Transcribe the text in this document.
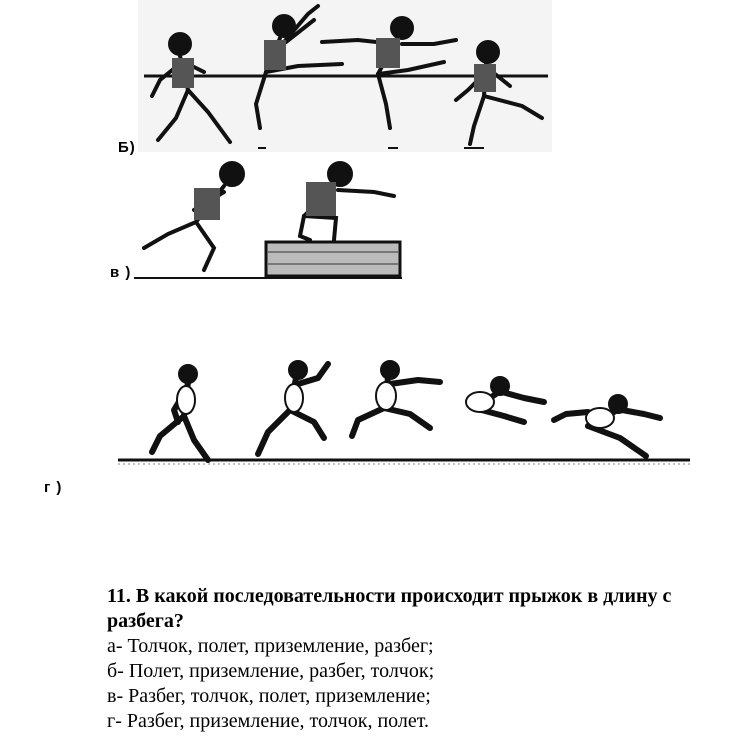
Б)
в )
г )

11. В какой последовательности происходит прыжок в длину с разбега?

а- Толчок, полет, приземление, разбег;

б- Полет, приземление, разбег, толчок;

в- Разбег, толчок, полет, приземление;

г- Разбег, приземление, толчок, полет.
